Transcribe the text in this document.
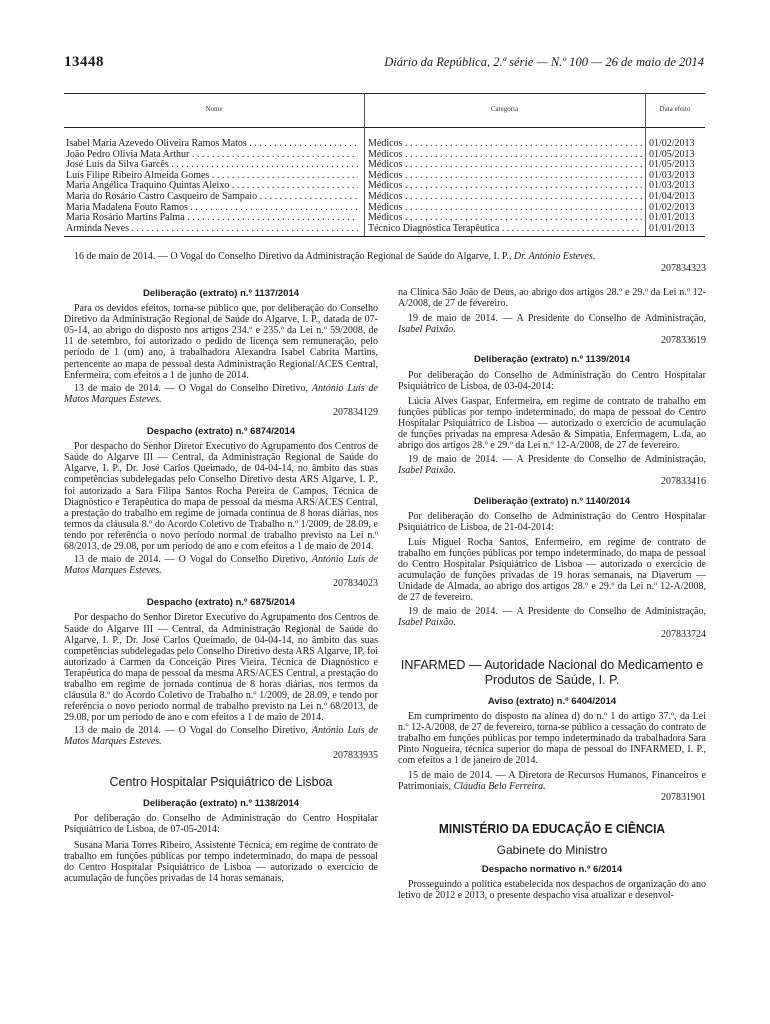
13448	Diário da República, 2.ª série — N.º 100 — 26 de maio de 2014
Nome	Categoria	Data efeito
Isabel Maria Azevedo Oliveira Ramos Matos . . .	Médicos . . .	01/02/2013
João Pedro Olívia Mata Arthur . . .	Médicos . . .	01/05/2013
José Luís da Silva Garcês . . .	Médicos . . .	01/05/2013
Luís Filipe Ribeiro Almeida Gomes . . .	Médicos . . .	01/03/2013
Maria Angélica Traquino Quintas Aleixo . . .	Médicos . . .	01/03/2013
Maria do Rosário Castro Casqueiro de Sampaio . . .	Médicos . . .	01/04/2013
Maria Madalena Fouto Ramos . . .	Médicos . . .	01/02/2013
Maria Rosário Martins Palma . . .	Médicos . . .	01/01/2013
Arminda Neves . . .	Técnico Diagnóstica Terapêutica . . .	01/01/2013
16 de maio de 2014. — O Vogal do Conselho Diretivo da Administração Regional de Saúde do Algarve, I. P., Dr. António Esteves.
207834323
Deliberação (extrato) n.º 1137/2014

Para os devidos efeitos, torna-se público que, por deliberação do Conselho Diretivo da Administração Regional de Saúde do Algarve, I. P., datada de 07-05-14, ao abrigo do disposto nos artigos 234.º e 235.º da Lei n.º 59/2008, de 11 de setembro, foi autorizado o pedido de licença sem remuneração, pelo período de 1 (um) ano, à trabalhadora Alexandra Isabel Cabrita Martins, pertencente ao mapa de pessoal desta Administração Regional/ACES Central, Enfermeira, com efeitos a 1 de junho de 2014.

13 de maio de 2014. — O Vogal do Conselho Diretivo, António Luís de Matos Marques Esteves.

207834129

Despacho (extrato) n.º 6874/2014

Por despacho do Senhor Diretor Executivo do Agrupamento dos Centros de Saúde do Algarve III — Central, da Administração Regional de Saúde do Algarve, I. P., Dr. José Carlos Queimado, de 04-04-14, no âmbito das suas competências subdelegadas pelo Conselho Diretivo desta ARS Algarve, I. P., foi autorizado a Sara Filipa Santos Rocha Pereira de Campos, Técnica de Diagnóstico e Terapêutica do mapa de pessoal da mesma ARS/ACES Central, a prestação do trabalho em regime de jornada contínua de 8 horas diárias, nos termos da cláusula 8.º do Acordo Coletivo de Trabalho n.º 1/2009, de 28.09, e tendo por referência o novo período normal de trabalho previsto na Lei n.º 68/2013, de 29.08, por um período de ano e com efeitos a 1 de maio de 2014.

13 de maio de 2014. — O Vogal do Conselho Diretivo, António Luís de Matos Marques Esteves.

207834023

Despacho (extrato) n.º 6875/2014

Por despacho do Senhor Diretor Executivo do Agrupamento dos Centros de Saúde do Algarve III — Central, da Administração Regional de Saúde do Algarve, I. P., Dr. José Carlos Queimado, de 04-04-14, no âmbito das suas competências subdelegadas pelo Conselho Diretivo desta ARS Algarve, IP, foi autorizado à Carmen da Conceição Pires Vieira, Técnica de Diagnóstico e Terapêutica do mapa de pessoal da mesma ARS/ACES Central, a prestação do trabalho em regime de jornada contínua de 8 horas diárias, nos termos da cláusula 8.º do Acordo Coletivo de Trabalho n.º 1/2009, de 28.09, e tendo por referência o novo período normal de trabalho previsto na Lei n.º 68/2013, de 29.08, por um período de ano e com efeitos a 1 de maio de 2014.

13 de maio de 2014. — O Vogal do Conselho Diretivo, António Luís de Matos Marques Esteves.

207833935

Centro Hospitalar Psiquiátrico de Lisboa
Deliberação (extrato) n.º 1138/2014

Por deliberação do Conselho de Administração do Centro Hospitalar Psiquiátrico de Lisboa, de 07-05-2014:

Susana Maria Torres Ribeiro, Assistente Técnica, em regime de contrato de trabalho em funções públicas por tempo indeterminado, do mapa de pessoal do Centro Hospitalar Psiquiátrico de Lisboa — autorizado o exercício de acumulação de funções privadas de 14 horas semanais,

na Clínica São João de Deus, ao abrigo dos artigos 28.º e 29.º da Lei n.º 12-A/2008, de 27 de fevereiro.

19 de maio de 2014. — A Presidente do Conselho de Administração, Isabel Paixão.

207833619

Deliberação (extrato) n.º 1139/2014

Por deliberação do Conselho de Administração do Centro Hospitalar Psiquiátrico de Lisboa, de 03-04-2014:

Lúcia Alves Gaspar, Enfermeira, em regime de contrato de trabalho em funções públicas por tempo indeterminado, do mapa de pessoal do Centro Hospitalar Psiquiátrico de Lisboa — autorizado o exercício de acumulação de funções privadas na empresa Adesão & Simpatia, Enfermagem, L.da, ao abrigo dos artigos 28.º e 29.º da Lei n.º 12-A/2008, de 27 de fevereiro.

19 de maio de 2014. — A Presidente do Conselho de Administração, Isabel Paixão.

207833416

Deliberação (extrato) n.º 1140/2014

Por deliberação do Conselho de Administração do Centro Hospitalar Psiquiátrico de Lisboa, de 21-04-2014:

Luís Miguel Rocha Santos, Enfermeiro, em regime de contrato de trabalho em funções públicas por tempo indeterminado, do mapa de pessoal do Centro Hospitalar Psiquiátrico de Lisboa — autorizado o exercício de acumulação de funções privadas de 19 horas semanais, na Diaverum — Unidade de Almada, ao abrigo dos artigos 28.º e 29.º da Lei n.º 12-A/2008, de 27 de fevereiro.

19 de maio de 2014. — A Presidente do Conselho de Administração, Isabel Paixão.

207833724

INFARMED — Autoridade Nacional do Medicamento e Produtos de Saúde, I. P.
Aviso (extrato) n.º 6404/2014

Em cumprimento do disposto na alínea d) do n.º 1 do artigo 37.º, da Lei n.º 12-A/2008, de 27 de fevereiro, torna-se público a cessação do contrato de trabalho em funções públicas por tempo indeterminado da trabalhadora Sara Pinto Nogueira, técnica superior do mapa de pessoal do INFARMED, I. P., com efeitos a 1 de janeiro de 2014.

15 de maio de 2014. — A Diretora de Recursos Humanos, Financeiros e Patrimoniais, Cláudia Belo Ferreira.

207831901

MINISTÉRIO DA EDUCAÇÃO E CIÊNCIA
Gabinete do Ministro
Despacho normativo n.º 6/2014

Prosseguindo a política estabelecida nos despachos de organização do ano letivo de 2012 e 2013, o presente despacho visa atualizar e desenvol-
